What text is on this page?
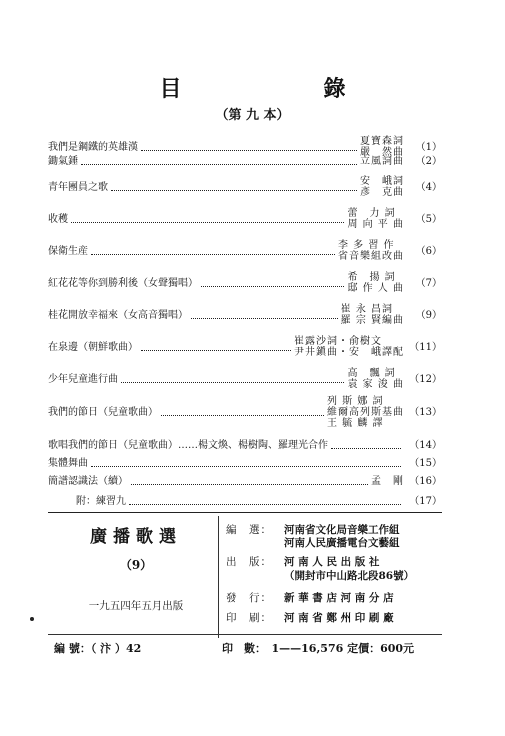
目　錄
（第 九 本）
我們是鋼鐵的英雄漢	夏寶森詞
嚴　然曲	（1）
鋤氣錘	立風詞曲	（2）
青年團員之歌	安　峨詞
彥　克曲	（4）
收穫	蕾　力 詞
周 向 平 曲	（5）
保衛生産	李 多 習 作
省音樂組改曲	（6）
紅花花等你到勝利後（女聲獨唱）	希　揚 詞
邸 作 人 曲	（7）
桂花開放幸福來（女高音獨唱）	崔 永 昌詞
羅 宗 賢編曲	（9）
在泉邊（朝鮮歌曲）	崔露沙詞・俞樹文
尹井鎭曲・安　峨譯配 （11）
少年兒童進行曲	高　飄 詞
袁 家 浚 曲 （12）
我們的節日（兒童歌曲）
列 斯 娜 詞
維爾高列斯基曲
王 毓 麟 譯
（13）
歌唱我們的節日（兒童歌曲）……楊文煥、楊樹陶、羅理光合作	（14）
集體舞曲	（15）
簡譜認識法（續）	孟　剛 （16）
附：練習九	（17）
廣播歌選
（9）
一九五四年五月出版
編　選： 河南省文化局音樂工作組
河南人民廣播電台文藝組
出　版： 河 南 人 民 出 版 社
（開封市中山路北段86號）
發　行： 新 華 書 店 河 南 分 店
印　刷： 河 南 省 鄭 州 印 刷 廠
編 號：（ 汴 ）42	印　數：　1——16,576 定價：600元
